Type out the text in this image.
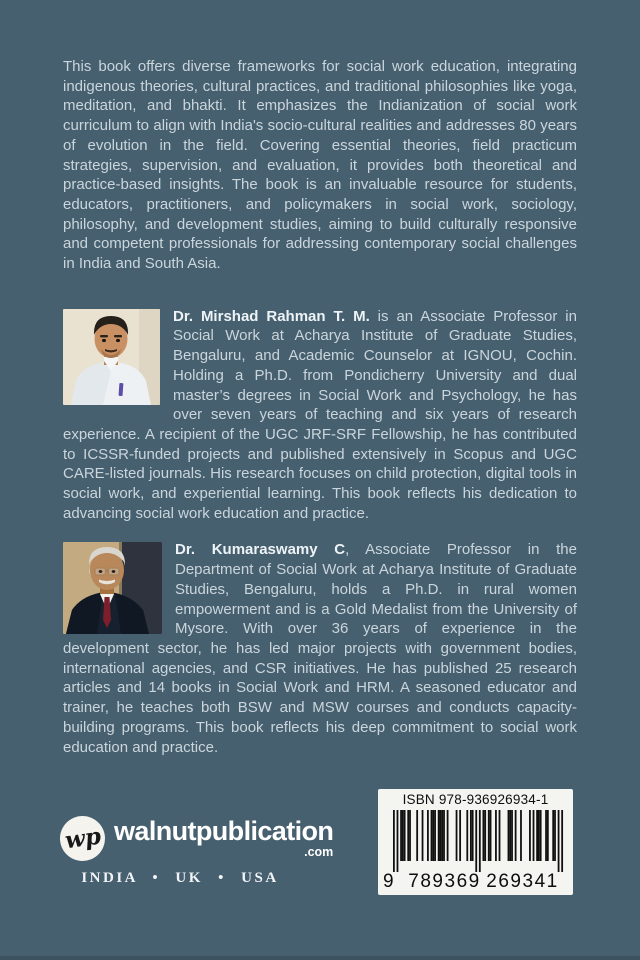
This book offers diverse frameworks for social work education, integrating indigenous theories, cultural practices, and traditional philosophies like yoga, meditation, and bhakti. It emphasizes the Indianization of social work curriculum to align with India's socio-cultural realities and addresses 80 years of evolution in the field. Covering essential theories, field practicum strategies, supervision, and evaluation, it provides both theoretical and practice-based insights. The book is an invaluable resource for students, educators, practitioners, and policymakers in social work, sociology, philosophy, and development studies, aiming to build culturally responsive and competent professionals for addressing contemporary social challenges in India and South Asia.

Dr. Mirshad Rahman T. M. is an Associate Professor in Social Work at Acharya Institute of Graduate Studies, Bengaluru, and Academic Counselor at IGNOU, Cochin. Holding a Ph.D. from Pondicherry University and dual master’s degrees in Social Work and Psychology, he has over seven years of teaching and six years of research experience. A recipient of the UGC JRF-SRF Fellowship, he has contributed to ICSSR-funded projects and published extensively in Scopus and UGC CARE-listed journals. His research focuses on child protection, digital tools in social work, and experiential learning. This book reflects his dedication to advancing social work education and practice.

Dr. Kumaraswamy C, Associate Professor in the Department of Social Work at Acharya Institute of Graduate Studies, Bengaluru, holds a Ph.D. in rural women empowerment and is a Gold Medalist from the University of Mysore. With over 36 years of experience in the development sector, he has led major projects with government bodies, international agencies, and CSR initiatives. He has published 25 research articles and 14 books in Social Work and HRM. A seasoned educator and trainer, he teaches both BSW and MSW courses and conducts capacity-building programs. This book reflects his deep commitment to social work education and practice.

wp walnutpublication
.com
INDIA • UK • USA
ISBN 978-936926934-1
9 789369 269341
